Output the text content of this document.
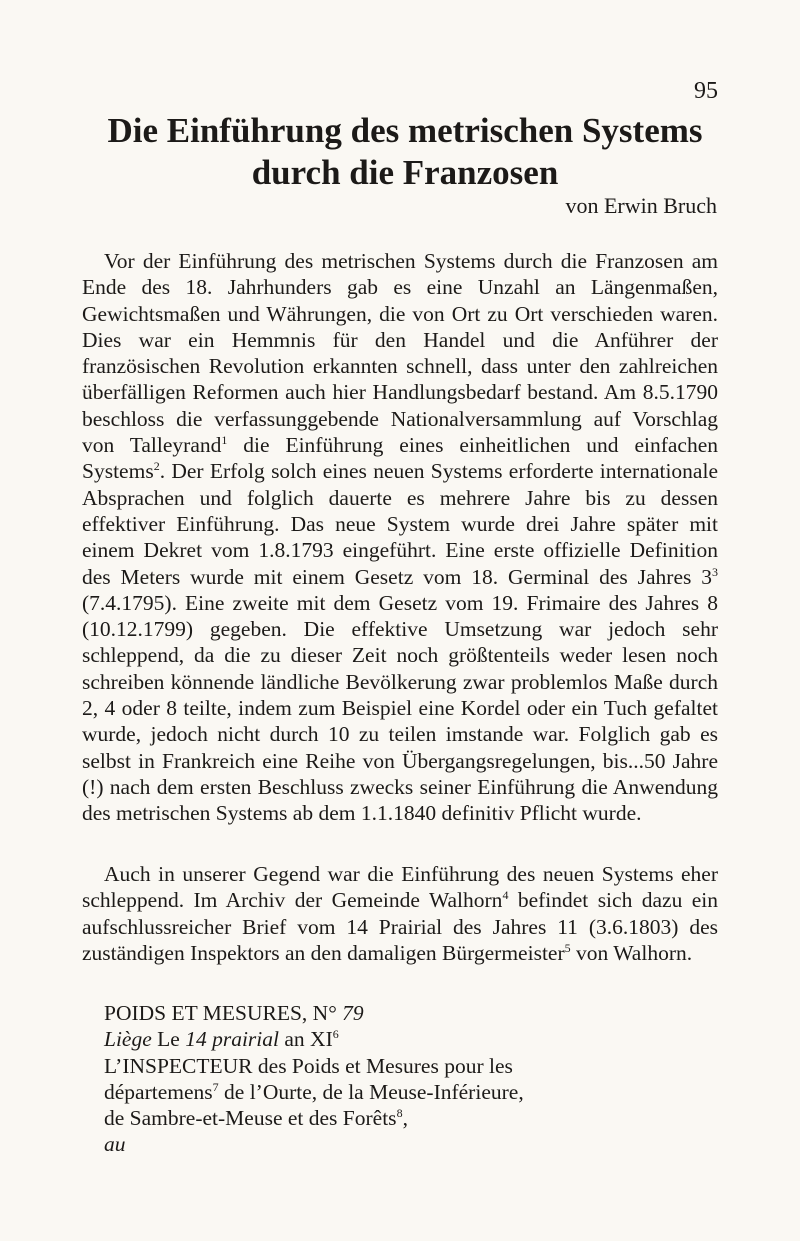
95
Die Einführung des metrischen Systems
durch die Franzosen
von Erwin Bruch

Vor der Einführung des metrischen Systems durch die Franzosen am Ende des 18. Jahrhunders gab es eine Unzahl an Längenmaßen, Gewichtsmaßen und Währungen, die von Ort zu Ort verschieden waren. Dies war ein Hemmnis für den Handel und die Anführer der französischen Revolution erkannten schnell, dass unter den zahlreichen überfälligen Reformen auch hier Handlungsbedarf bestand. Am 8.5.1790 beschloss die verfassunggebende Nationalversammlung auf Vorschlag von Talleyrand$^1$ die Einführung eines einheitlichen und einfachen Systems$^2$. Der Erfolg solch eines neuen Systems erforderte internationale Absprachen und folglich dauerte es mehrere Jahre bis zu dessen effektiver Einführung. Das neue System wurde drei Jahre später mit einem Dekret vom 1.8.1793 eingeführt. Eine erste offizielle Definition des Meters wurde mit einem Gesetz vom 18. Germinal des Jahres $3^3$ (7.4.1795). Eine zweite mit dem Gesetz vom 19. Frimaire des Jahres 8 (10.12.1799) gegeben. Die effektive Umsetzung war jedoch sehr schleppend, da die zu dieser Zeit noch größtenteils weder lesen noch schreiben könnende ländliche Bevölkerung zwar problemlos Maße durch 2, 4 oder 8 teilte, indem zum Beispiel eine Kordel oder ein Tuch gefaltet wurde, jedoch nicht durch 10 zu teilen imstande war. Folglich gab es selbst in Frankreich eine Reihe von Übergangsregelungen, bis...50 Jahre (!) nach dem ersten Beschluss zwecks seiner Einführung die Anwendung des metrischen Systems ab dem 1.1.1840 definitiv Pflicht wurde.

Auch in unserer Gegend war die Einführung des neuen Systems eher schleppend. Im Archiv der Gemeinde Walhorn$^4$ befindet sich dazu ein aufschlussreicher Brief vom 14 Prairial des Jahres 11 (3.6.1803) des zuständigen Inspektors an den damaligen Bürgermeister$^5$ von Walhorn.

POIDS ET MESURES, N° 79
Liège Le 14 prairial an $XI^6$
L’INSPECTEUR des Poids et Mesures pour les
départemens$^7$ de l’Ourte, de la Meuse-Inférieure,
de Sambre-et-Meuse et des Forêts$^8$,
au
